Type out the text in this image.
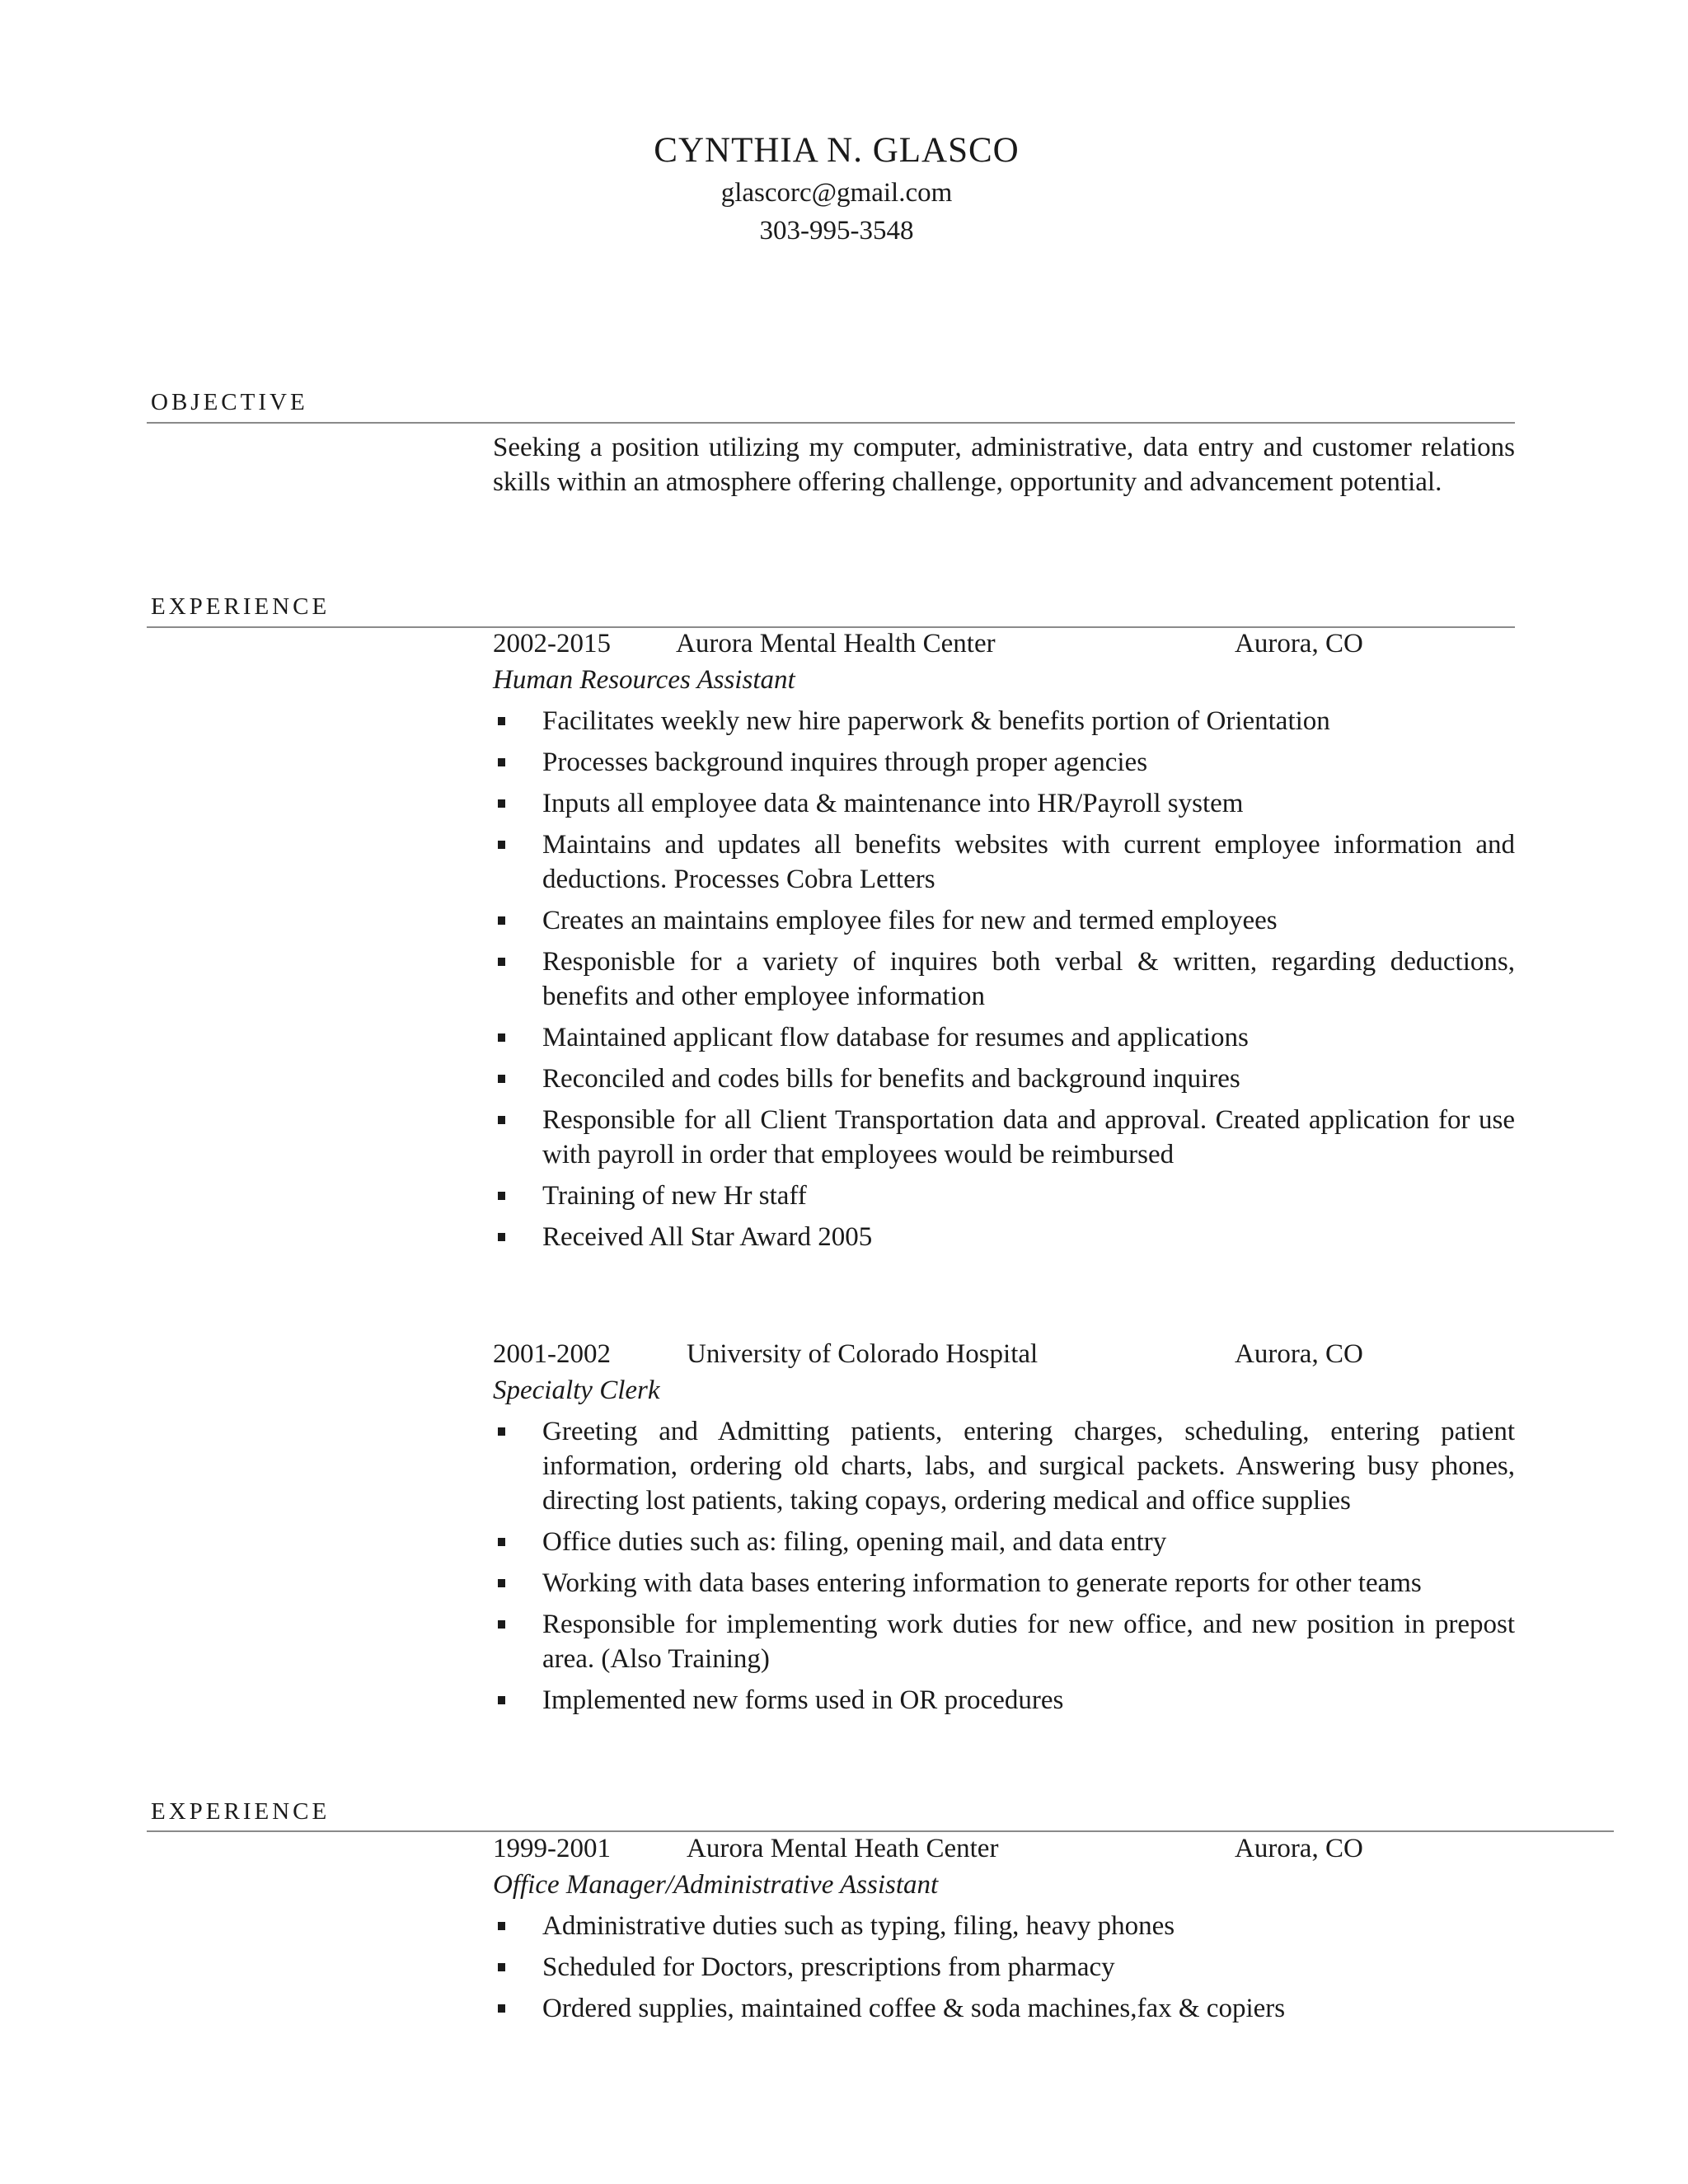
CYNTHIA N. GLASCO
glascorc@gmail.com
303-995-3548
OBJECTIVE
Seeking a position utilizing my computer, administrative, data entry and customer relations skills within an atmosphere offering challenge, opportunity and advancement potential.
EXPERIENCE
2002-2015 Aurora Mental Health Center	Aurora, CO
Human Resources Assistant
Facilitates weekly new hire paperwork & benefits portion of Orientation
Processes background inquires through proper agencies
Inputs all employee data & maintenance into HR/Payroll system
Maintains and updates all benefits websites with current employee information and deductions. Processes Cobra Letters
Creates an maintains employee files for new and termed employees
Responisble for a variety of inquires both verbal & written, regarding deductions, benefits and other employee information
Maintained applicant flow database for resumes and applications
Reconciled and codes bills for benefits and background inquires
Responsible for all Client Transportation data and approval. Created application for use with payroll in order that employees would be reimbursed
Training of new Hr staff
Received All Star Award 2005
2001-2002	University of Colorado Hospital	Aurora, CO
Specialty Clerk
Greeting and Admitting patients, entering charges, scheduling, entering patient information, ordering old charts, labs, and surgical packets. Answering busy phones, directing lost patients, taking copays, ordering medical and office supplies
Office duties such as: filing, opening mail, and data entry
Working with data bases entering information to generate reports for other teams
Responsible for implementing work duties for new office, and new position in prepost area. (Also Training)
Implemented new forms used in OR procedures
EXPERIENCE
1999-2001	Aurora Mental Heath Center	Aurora, CO
Office Manager/Administrative Assistant
Administrative duties such as typing, filing, heavy phones
Scheduled for Doctors, prescriptions from pharmacy
Ordered supplies, maintained coffee & soda machines,fax & copiers
